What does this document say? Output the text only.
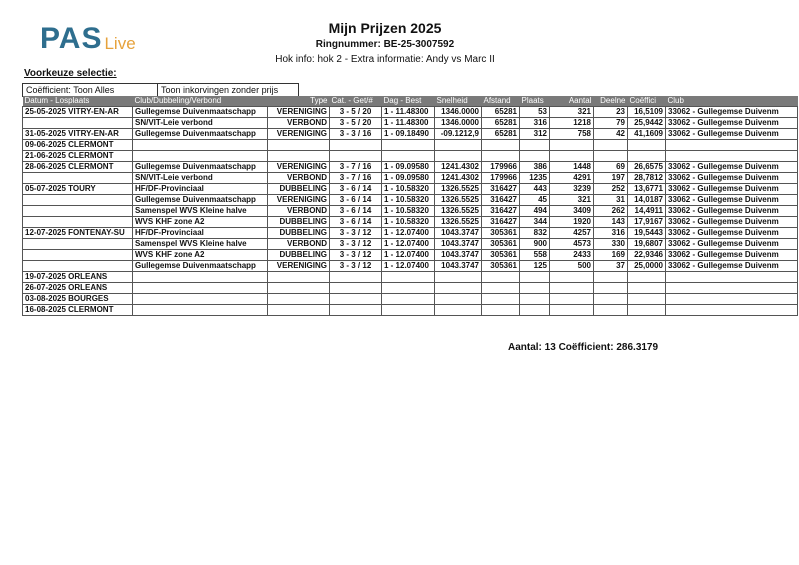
PAS Live
Mijn Prijzen 2025
Ringnummer: BE-25-3007592
Hok info: hok 2 - Extra informatie: Andy vs Marc II
Voorkeuze selectie:
Coëfficient: Toon Alles	Toon inkorvingen zonder prijs
Datum - Losplaats	Club/Dubbeling/Verbond	Type	Cat. - Get/#	Dag - Best	Snelheid	Afstand	Plaats	Aantal	Deelne	Coëffici	Club
25-05-2025 VITRY-EN-AR	Gullegemse Duivenmaatschapp	VERENIGING	3 - 5 / 20	1 - 11.48300	1346.0000	65281	53	321	23	16,5109	33062 - Gullegemse Duivenm
	SN/VIT-Leie verbond	VERBOND	3 - 5 / 20	1 - 11.48300	1346.0000	65281	316	1218	79	25,9442	33062 - Gullegemse Duivenm
31-05-2025 VITRY-EN-AR	Gullegemse Duivenmaatschapp	VERENIGING	3 - 3 / 16	1 - 09.18490	-09.1212,9	65281	312	758	42	41,1609	33062 - Gullegemse Duivenm
09-06-2025 CLERMONT											
21-06-2025 CLERMONT											
28-06-2025 CLERMONT	Gullegemse Duivenmaatschapp	VERENIGING	3 - 7 / 16	1 - 09.09580	1241.4302	179966	386	1448	69	26,6575	33062 - Gullegemse Duivenm
	SN/VIT-Leie verbond	VERBOND	3 - 7 / 16	1 - 09.09580	1241.4302	179966	1235	4291	197	28,7812	33062 - Gullegemse Duivenm
05-07-2025 TOURY	HF/DF-Provinciaal	DUBBELING	3 - 6 / 14	1 - 10.58320	1326.5525	316427	443	3239	252	13,6771	33062 - Gullegemse Duivenm
	Gullegemse Duivenmaatschapp	VERENIGING	3 - 6 / 14	1 - 10.58320	1326.5525	316427	45	321	31	14,0187	33062 - Gullegemse Duivenm
	Samenspel WVS Kleine halve	VERBOND	3 - 6 / 14	1 - 10.58320	1326.5525	316427	494	3409	262	14,4911	33062 - Gullegemse Duivenm
	WVS KHF zone A2	DUBBELING	3 - 6 / 14	1 - 10.58320	1326.5525	316427	344	1920	143	17,9167	33062 - Gullegemse Duivenm
12-07-2025 FONTENAY-SU	HF/DF-Provinciaal	DUBBELING	3 - 3 / 12	1 - 12.07400	1043.3747	305361	832	4257	316	19,5443	33062 - Gullegemse Duivenm
	Samenspel WVS Kleine halve	VERBOND	3 - 3 / 12	1 - 12.07400	1043.3747	305361	900	4573	330	19,6807	33062 - Gullegemse Duivenm
	WVS KHF zone A2	DUBBELING	3 - 3 / 12	1 - 12.07400	1043.3747	305361	558	2433	169	22,9346	33062 - Gullegemse Duivenm
	Gullegemse Duivenmaatschapp	VERENIGING	3 - 3 / 12	1 - 12.07400	1043.3747	305361	125	500	37	25,0000	33062 - Gullegemse Duivenm
19-07-2025 ORLEANS											
26-07-2025 ORLEANS											
03-08-2025 BOURGES											
16-08-2025 CLERMONT											
Aantal: 13 Coëfficient: 286.3179
